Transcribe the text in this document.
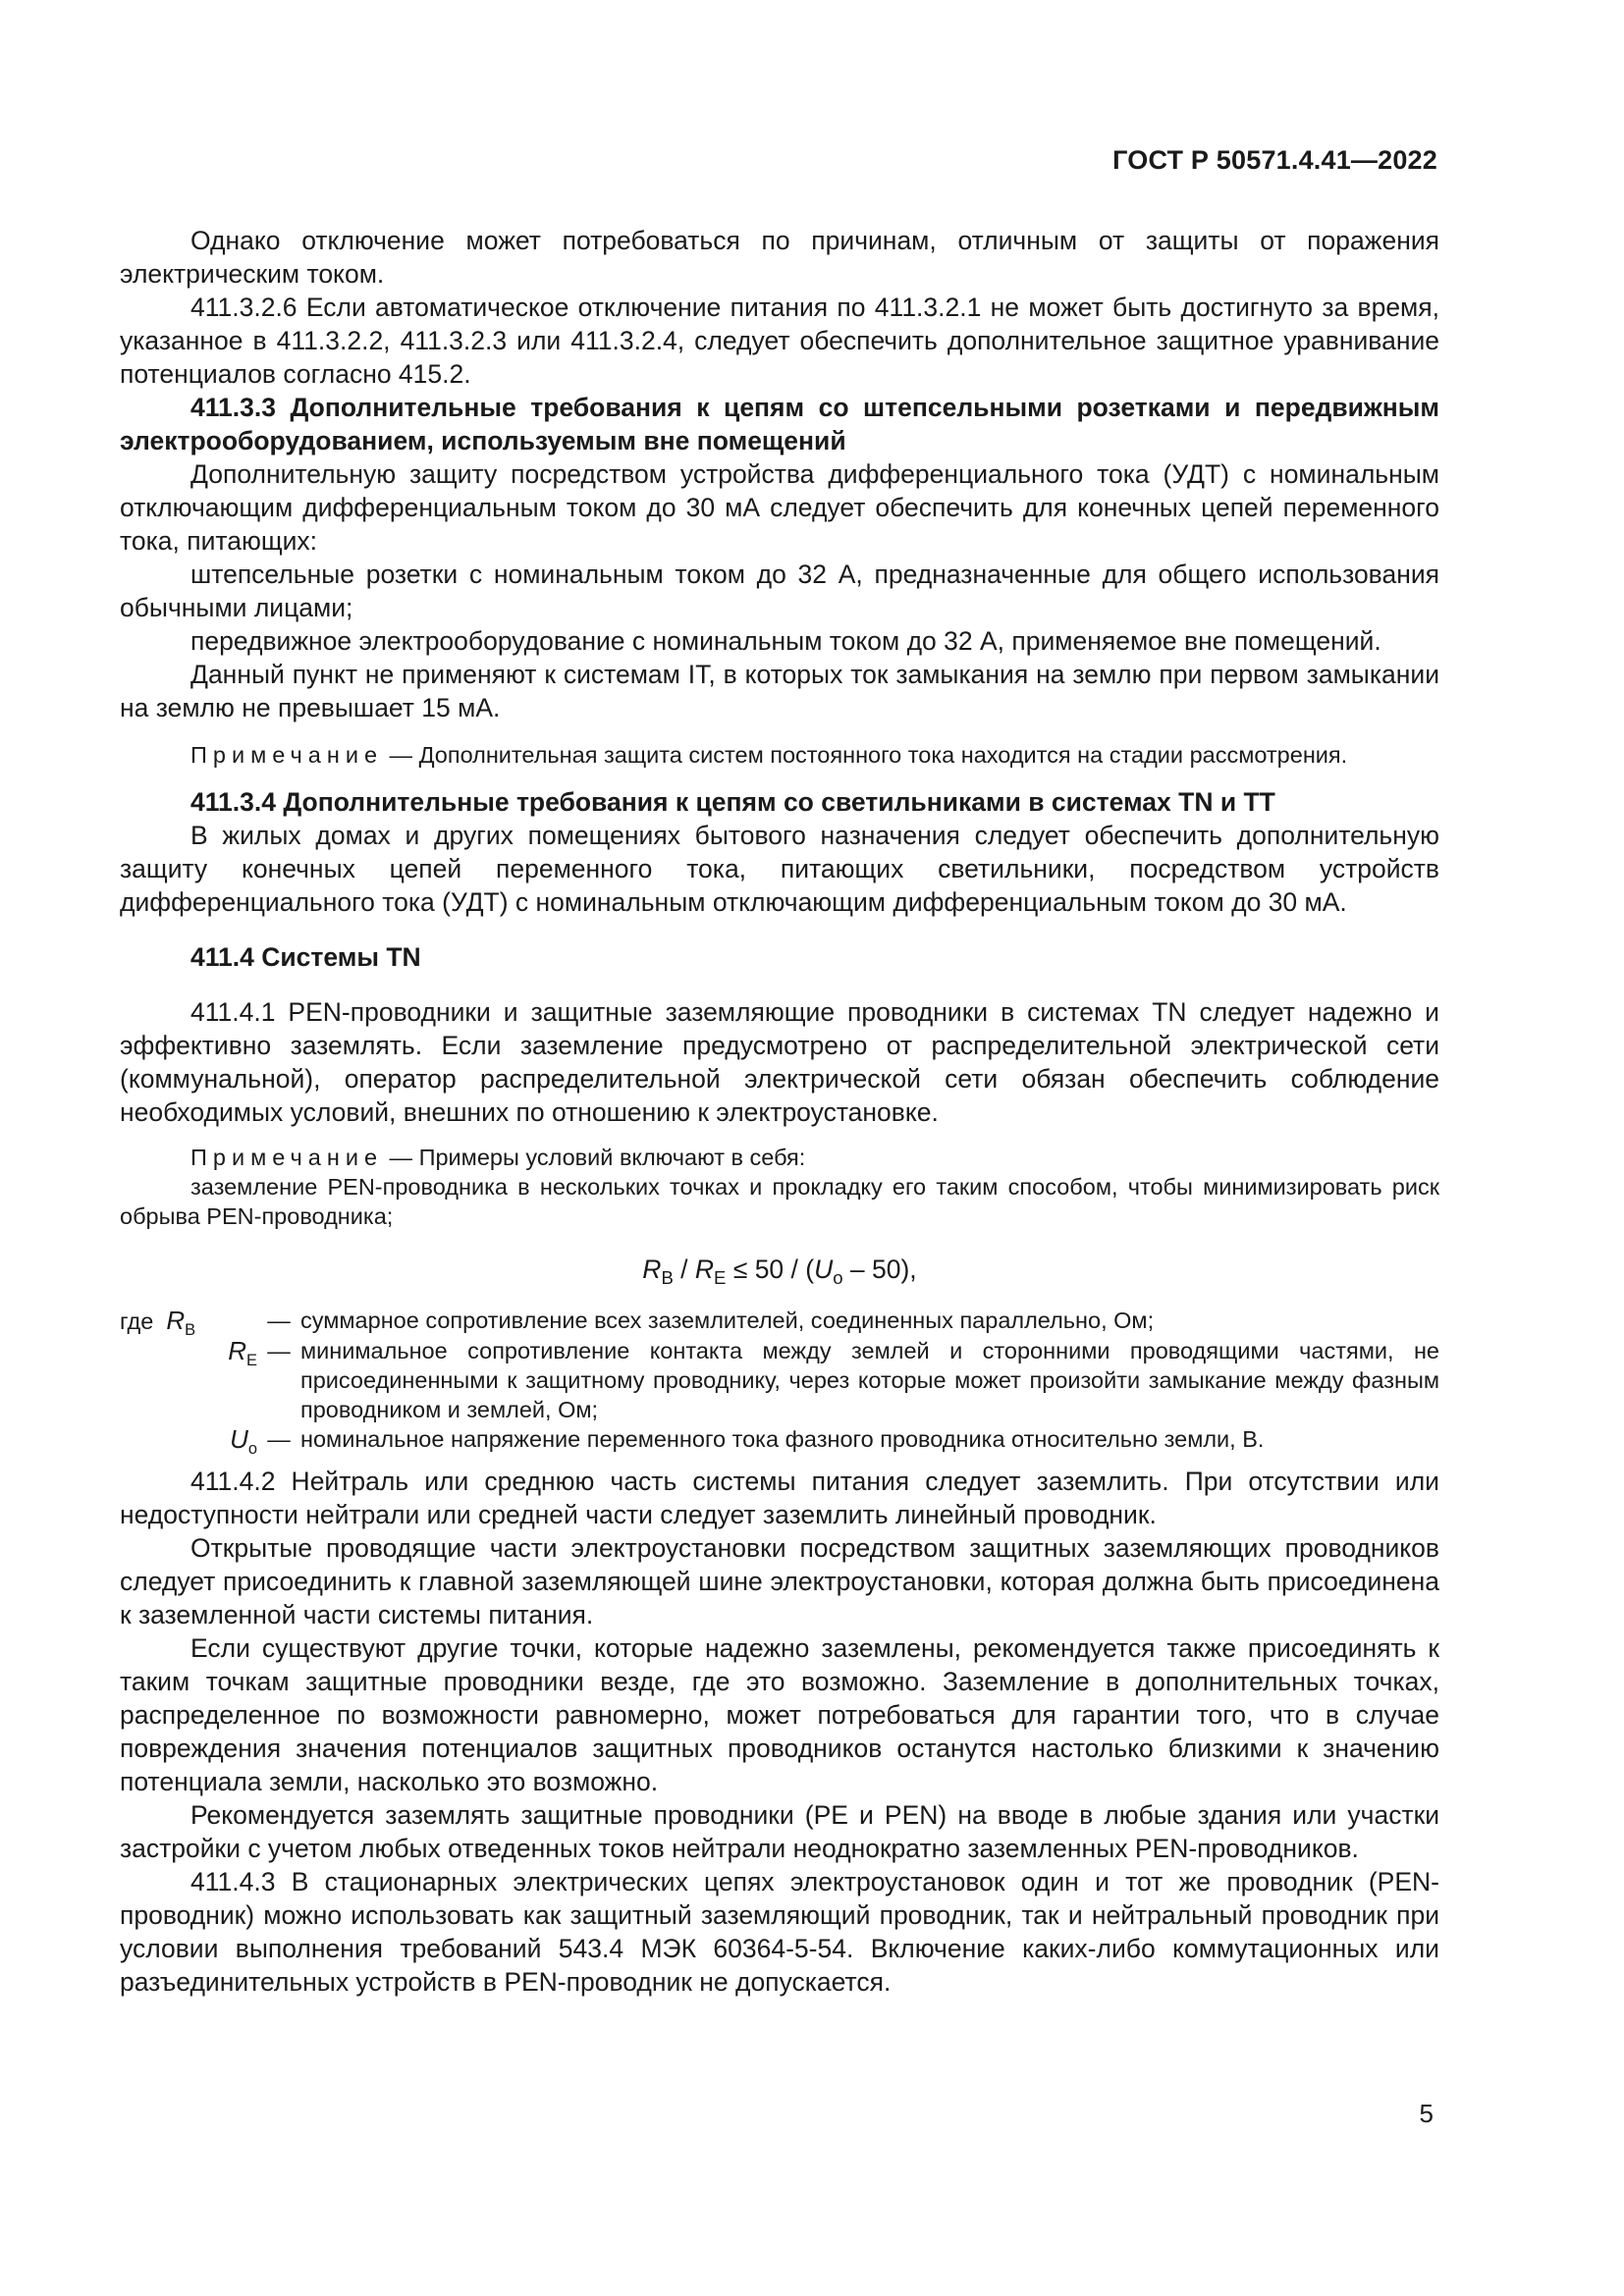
ГОСТ Р 50571.4.41—2022

Однако отключение может потребоваться по причинам, отличным от защиты от поражения электрическим током.

411.3.2.6 Если автоматическое отключение питания по 411.3.2.1 не может быть достигнуто за время, указанное в 411.3.2.2, 411.3.2.3 или 411.3.2.4, следует обеспечить дополнительное защитное уравнивание потенциалов согласно 415.2.

411.3.3 Дополнительные требования к цепям со штепсельными розетками и передвижным электрооборудованием, используемым вне помещений

Дополнительную защиту посредством устройства дифференциального тока (УДТ) с номинальным отключающим дифференциальным током до 30 мА следует обеспечить для конечных цепей переменного тока, питающих:

штепсельные розетки с номинальным током до 32 А, предназначенные для общего использования обычными лицами;

передвижное электрооборудование с номинальным током до 32 А, применяемое вне помещений.

Данный пункт не применяют к системам IT, в которых ток замыкания на землю при первом замыкании на землю не превышает 15 мА.

Примечание — Дополнительная защита систем постоянного тока находится на стадии рассмотрения.

411.3.4 Дополнительные требования к цепям со светильниками в системах TN и TT

В жилых домах и других помещениях бытового назначения следует обеспечить дополнительную защиту конечных цепей переменного тока, питающих светильники, посредством устройств дифференциального тока (УДТ) с номинальным отключающим дифференциальным током до 30 мА.

411.4 Системы TN

411.4.1 PEN-проводники и защитные заземляющие проводники в системах TN следует надежно и эффективно заземлять. Если заземление предусмотрено от распределительной электрической сети (коммунальной), оператор распределительной электрической сети обязан обеспечить соблюдение необходимых условий, внешних по отношению к электроустановке.

Примечание — Примеры условий включают в себя:

заземление PEN-проводника в нескольких точках и прокладку его таким способом, чтобы минимизировать риск обрыва PEN-проводника;

$R_B / R_E \le 50 / (U_o - 50)$,
где $R_B$	— суммарное сопротивление всех заземлителей, соединенных параллельно, Ом;
$R_E$ — минимальное сопротивление контакта между землей и сторонними проводящими частями, не присоединенными к защитному проводнику, через которые может произойти замыкание между фазным проводником и землей, Ом;
$U_o$ — номинальное напряжение переменного тока фазного проводника относительно земли, В.

411.4.2 Нейтраль или среднюю часть системы питания следует заземлить. При отсутствии или недоступности нейтрали или средней части следует заземлить линейный проводник.

Открытые проводящие части электроустановки посредством защитных заземляющих проводников следует присоединить к главной заземляющей шине электроустановки, которая должна быть присоединена к заземленной части системы питания.

Если существуют другие точки, которые надежно заземлены, рекомендуется также присоединять к таким точкам защитные проводники везде, где это возможно. Заземление в дополнительных точках, распределенное по возможности равномерно, может потребоваться для гарантии того, что в случае повреждения значения потенциалов защитных проводников останутся настолько близкими к значению потенциала земли, насколько это возможно.

Рекомендуется заземлять защитные проводники (PE и PEN) на вводе в любые здания или участки застройки с учетом любых отведенных токов нейтрали неоднократно заземленных PEN-проводников.

411.4.3 В стационарных электрических цепях электроустановок один и тот же проводник (PEN-проводник) можно использовать как защитный заземляющий проводник, так и нейтральный проводник при условии выполнения требований 543.4 МЭК 60364-5-54. Включение каких-либо коммутационных или разъединительных устройств в PEN-проводник не допускается.

5
